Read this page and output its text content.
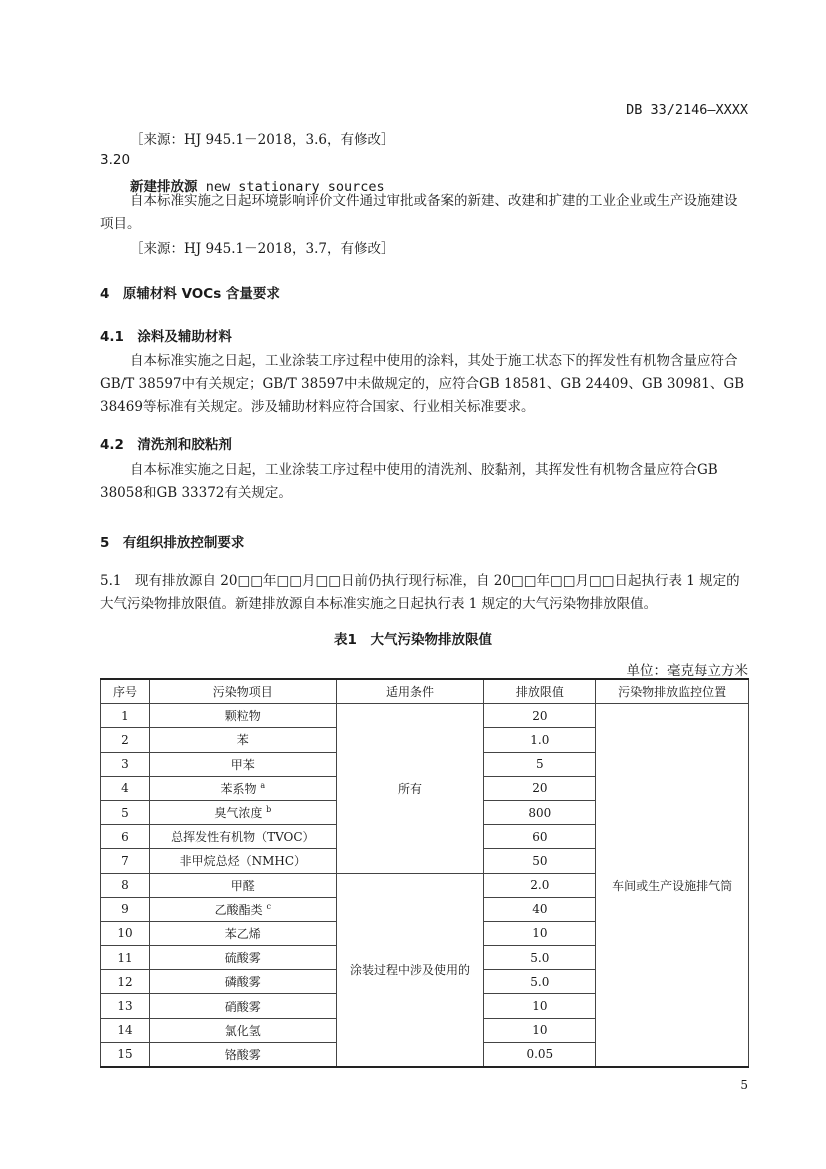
DB 33/2146—XXXX
［来源：HJ 945.1－2018，3.6，有修改］
3.20
新建排放源 new stationary sources
自本标准实施之日起环境影响评价文件通过审批或备案的新建、改建和扩建的工业企业或生产设施建设项目。
［来源：HJ 945.1－2018，3.7，有修改］
4　原辅材料 VOCs 含量要求
4.1　涂料及辅助材料
自本标准实施之日起，工业涂装工序过程中使用的涂料，其处于施工状态下的挥发性有机物含量应符合GB/T 38597中有关规定；GB/T 38597中未做规定的，应符合GB 18581、GB 24409、GB 30981、GB 38469等标准有关规定。涉及辅助材料应符合国家、行业相关标准要求。
4.2　清洗剂和胶粘剂
自本标准实施之日起，工业涂装工序过程中使用的清洗剂、胶黏剂，其挥发性有机物含量应符合GB 38058和GB 33372有关规定。
5　有组织排放控制要求
5.1　现有排放源自 20□□年□□月□□日前仍执行现行标准，自 20□□年□□月□□日起执行表 1 规定的大气污染物排放限值。新建排放源自本标准实施之日起执行表 1 规定的大气污染物排放限值。
表1　大气污染物排放限值
单位：毫克每立方米
序号	污染物项目	适用条件	排放限值	污染物排放监控位置
1	颗粒物	所有	20	车间或生产设施排气筒
2	苯		1.0	
3	甲苯		5	
4	苯系物 $^a$		20	
5	臭气浓度 $^b$		800	
6	总挥发性有机物（TVOC）		60	
7	非甲烷总烃（NMHC）		50	
8	甲醛	涂装过程中涉及使用的	2.0	
9	乙酸酯类 $^c$		40	
10	苯乙烯		10	
11	硫酸雾		5.0	
12	磷酸雾		5.0	
13	硝酸雾		10	
14	氯化氢		10	
15	铬酸雾		0.05	
5
